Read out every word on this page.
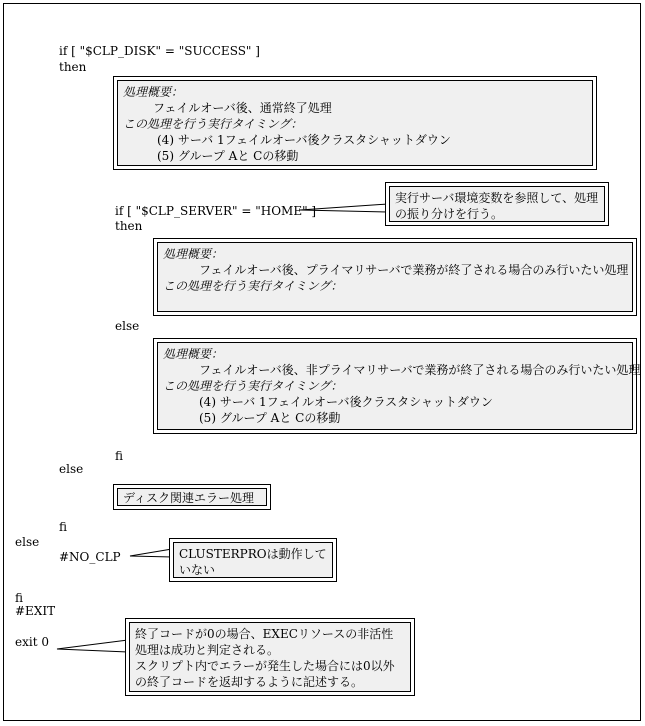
if [ "$CLP_DISK" = "SUCCESS" ]
then
処理概要：
フェイルオーバ後、通常終了処理
この処理を行う実行タイミング：
(4) サーバ 1フェイルオーバ後クラスタシャットダウン
(5) グループ Aと Cの移動
実行サーバ環境変数を参照して、処理
の振り分けを行う。
if [ "$CLP_SERVER" = "HOME" ]
then
処理概要：
フェイルオーバ後、プライマリサーバで業務が終了される場合のみ行いたい処理
この処理を行う実行タイミング：
else
処理概要：
フェイルオーバ後、非プライマリサーバで業務が終了される場合のみ行いたい処理
この処理を行う実行タイミング：
(4) サーバ 1フェイルオーバ後クラスタシャットダウン
(5) グループ Aと Cの移動
fi
else
ディスク関連エラー処理
fi
else
#NO_CLP	CLUSTERPROは動作して
いない
fi
#EXIT
exit 0
終了コードが0の場合、EXECリソースの非活性
処理は成功と判定される。
スクリプト内でエラーが発生した場合には0以外
の終了コードを返却するように記述する。
